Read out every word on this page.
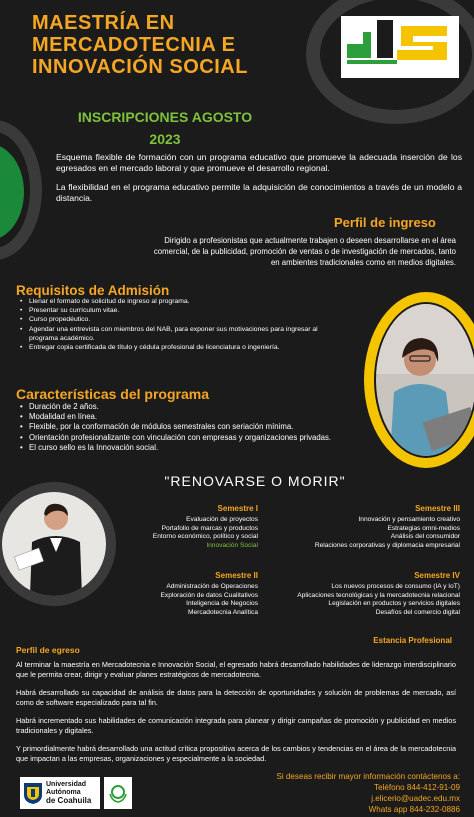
MAESTRÍA EN
MERCADOTECNIA E
INNOVACIÓN SOCIAL
INSCRIPCIONES AGOSTO
2023
Esquema flexible de formación con un programa educativo que promueve la adecuada inserción de los egresados en el mercado laboral y que promueve el desarrollo regional.
La flexibilidad en el programa educativo permite la adquisición de conocimientos a través de un modelo a distancia.
Perfil de ingreso
Dirigido a profesionistas que actualmente trabajen o deseen desarrollarse en el área comercial, de la publicidad, promoción de ventas o de investigación de mercados, tanto en ambientes tradicionales como en medios digitales.
Requisitos de Admisión
• Llenar el formato de solicitud de ingreso al programa.
• Presentar su currículum vitae.
• Curso propedéutico.
• Agendar una entrevista con miembros del NAB, para exponer sus motivaciones para ingresar al programa académico.
• Entregar copia certificada de título y cédula profesional de licenciatura o ingeniería.
Características del programa
• Duración de 2 años.
• Modalidad en línea.
• Flexible, por la conformación de módulos semestrales con seriación mínima.
• Orientación profesionalizante con vinculación con empresas y organizaciones privadas.
• El curso sello es la Innovación social.
"RENOVARSE O MORIR"
Semestre I
Evaluación de proyectos
Portafolio de marcas y productos
Entorno económico, político y social
Innovación Social
Semestre III
Innovación y pensamiento creativo
Estrategias omni-medios
Análisis del consumidor
Relaciones corporativas y diplomacia empresarial
Semestre II
Administración de Operaciones
Exploración de datos Cualitativos
Inteligencia de Negocios
Mercadotecnia Analítica
Semestre IV
Los nuevos procesos de consumo (IA y IoT)
Aplicaciones tecnológicas y la mercadotecnia relacional
Legislación en productos y servicios digitales
Desafíos del comercio digital
Estancia Profesional
Perfil de egreso
Al terminar la maestría en Mercadotecnia e Innovación Social, el egresado habrá desarrollado habilidades de liderazgo interdisciplinario que le permita crear, dirigir y evaluar planes estratégicos de mercadotecnia.
Habrá desarrollado su capacidad de análisis de datos para la detección de oportunidades y solución de problemas de mercado, así como de software especializado para tal fin.
Habrá incrementado sus habilidades de comunicación integrada para planear y dirigir campañas de promoción y publicidad en medios tradicionales y digitales.
Y primordialmente habrá desarrollado una actitud crítica propositiva acerca de los cambios y tendencias en el área de la mercadotecnia que impactan a las empresas, organizaciones y especialmente a la sociedad.
Universidad
Autónoma
de Coahuila
Si deseas recibir mayor información contáctenos a:
Teléfono 844-412-91-09
j.elicerio@uadec.edu.mx
Whats app 844-232-0886
